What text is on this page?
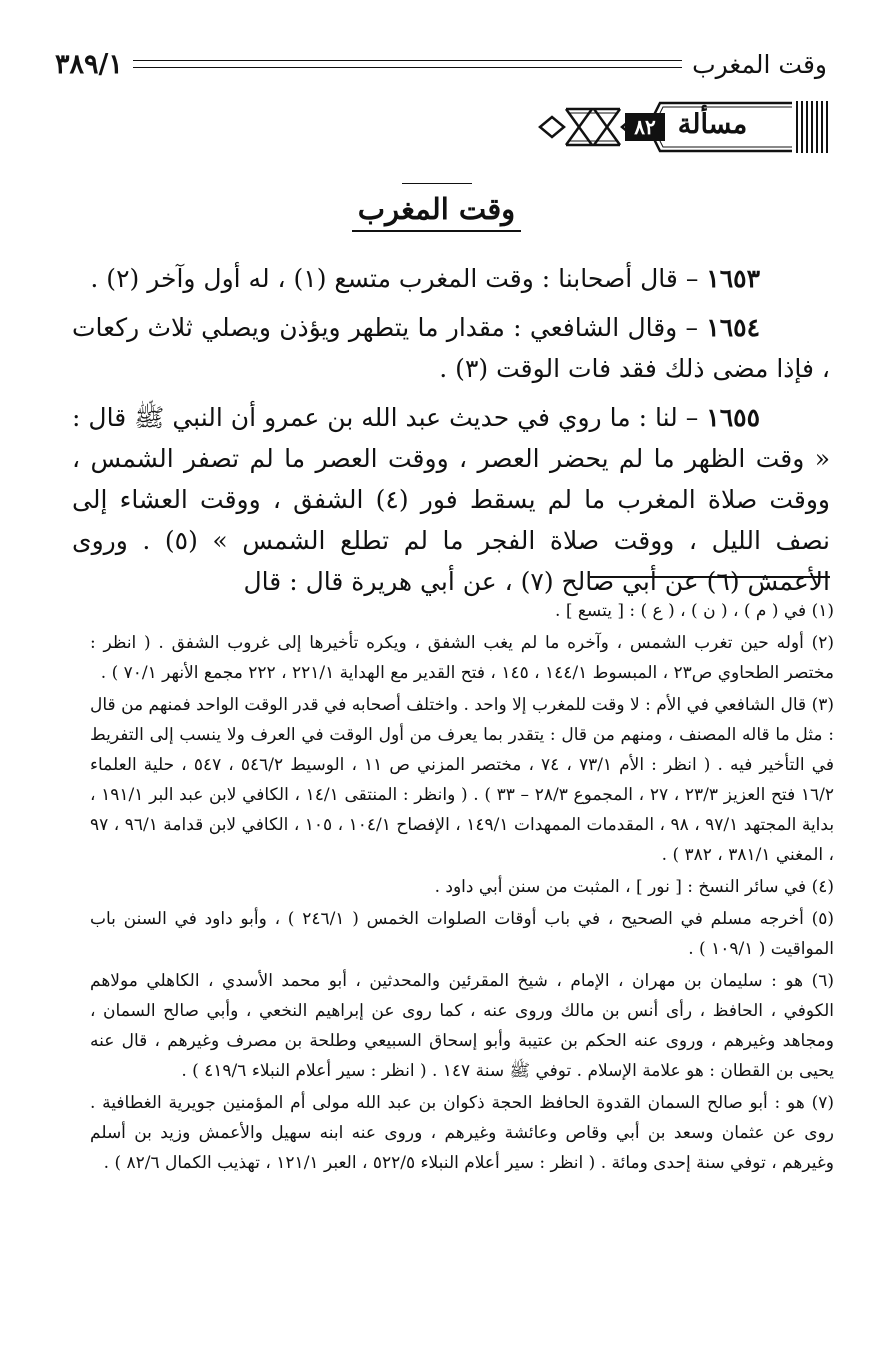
وقت المغرب
٣٨٩/١
٨٢ مسألة
وقت المغرب

١٦٥٣ – قال أصحابنا : وقت المغرب متسع (١) ، له أول وآخر (٢) .

١٦٥٤ – وقال الشافعي : مقدار ما يتطهر ويؤذن ويصلي ثلاث ركعات ، فإذا مضى ذلك فقد فات الوقت (٣) .

١٦٥٥ – لنا : ما روي في حديث عبد الله بن عمرو أن النبي ﷺ قال : « وقت الظهر ما لم يحضر العصر ، ووقت العصر ما لم تصفر الشمس ، ووقت صلاة المغرب ما لم يسقط فور (٤) الشفق ، ووقت العشاء إلى نصف الليل ، ووقت صلاة الفجر ما لم تطلع الشمس » (٥) . وروى الأعمش (٦) عن أبي صالح (٧) ، عن أبي هريرة قال : قال

(١) في ( م ) ، ( ن ) ، ( ع ) : [ يتسع ] .

(٢) أوله حين تغرب الشمس ، وآخره ما لم يغب الشفق ، ويكره تأخيرها إلى غروب الشفق . ( انظر : مختصر الطحاوي ص٢٣ ، المبسوط ١٤٤/١ ، ١٤٥ ، فتح القدير مع الهداية ٢٢١/١ ، ٢٢٢ مجمع الأنهر ٧٠/١ ) .

(٣) قال الشافعي في الأم : لا وقت للمغرب إلا واحد . واختلف أصحابه في قدر الوقت الواحد فمنهم من قال : مثل ما قاله المصنف ، ومنهم من قال : يتقدر بما يعرف من أول الوقت في العرف ولا ينسب إلى التفريط في التأخير فيه . ( انظر : الأم ٧٣/١ ، ٧٤ ، مختصر المزني ص ١١ ، الوسيط ٥٤٦/٢ ، ٥٤٧ ، حلية العلماء ١٦/٢ فتح العزيز ٢٣/٣ ، ٢٧ ، المجموع ٢٨/٣ – ٣٣ ) . ( وانظر : المنتقى ١٤/١ ، الكافي لابن عبد البر ١٩١/١ ، بداية المجتهد ٩٧/١ ، ٩٨ ، المقدمات الممهدات ١٤٩/١ ، الإفصاح ١٠٤/١ ، ١٠٥ ، الكافي لابن قدامة ٩٦/١ ، ٩٧ ، المغني ٣٨١/١ ، ٣٨٢ ) .

(٤) في سائر النسخ : [ نور ] ، المثبت من سنن أبي داود .

(٥) أخرجه مسلم في الصحيح ، في باب أوقات الصلوات الخمس ( ٢٤٦/١ ) ، وأبو داود في السنن باب المواقيت ( ١٠٩/١ ) .

(٦) هو : سليمان بن مهران ، الإمام ، شيخ المقرئين والمحدثين ، أبو محمد الأسدي ، الكاهلي مولاهم الكوفي ، الحافظ ، رأى أنس بن مالك وروى عنه ، كما روى عن إبراهيم النخعي ، وأبي صالح السمان ، ومجاهد وغيرهم ، وروى عنه الحكم بن عتيبة وأبو إسحاق السبيعي وطلحة بن مصرف وغيرهم ، قال عنه يحيى بن القطان : هو علامة الإسلام . توفي ﷺ سنة ١٤٧ . ( انظر : سير أعلام النبلاء ٤١٩/٦ ) .

(٧) هو : أبو صالح السمان القدوة الحافظ الحجة ذكوان بن عبد الله مولى أم المؤمنين جويرية الغطافية . روى عن عثمان وسعد بن أبي وقاص وعائشة وغيرهم ، وروى عنه ابنه سهيل والأعمش وزيد بن أسلم وغيرهم ، توفي سنة إحدى ومائة . ( انظر : سير أعلام النبلاء ٥٢٢/٥ ، العبر ١٢١/١ ، تهذيب الكمال ٨٢/٦ ) .
